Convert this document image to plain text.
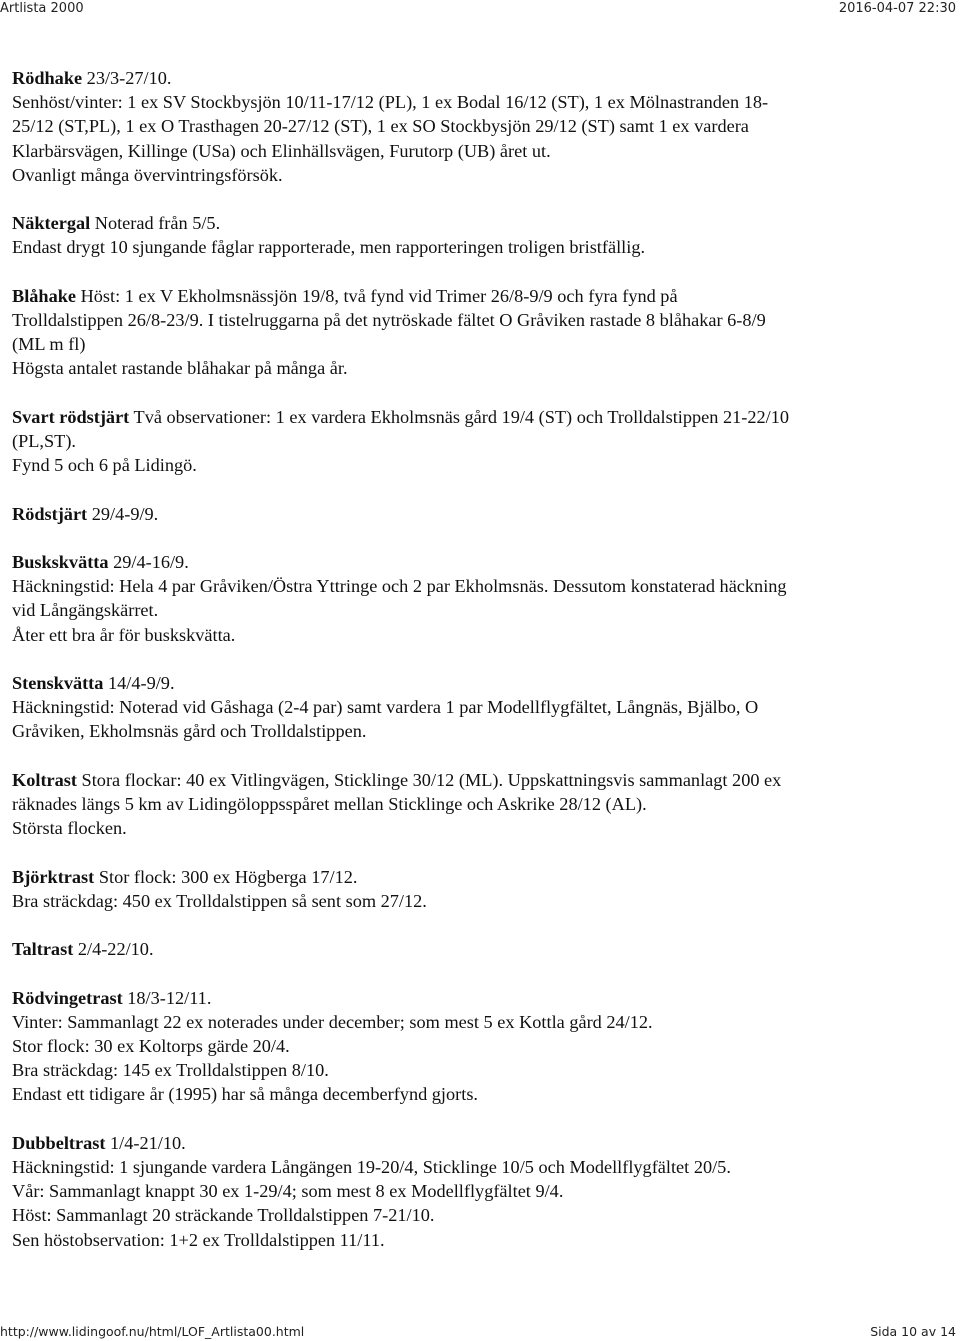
Artlista 2000	2016-04-07 22:30
Rödhake 23/3-27/10.
Senhöst/vinter: 1 ex SV Stockbysjön 10/11-17/12 (PL), 1 ex Bodal 16/12 (ST), 1 ex Mölnastranden 18-
25/12 (ST,PL), 1 ex O Trasthagen 20-27/12 (ST), 1 ex SO Stockbysjön 29/12 (ST) samt 1 ex vardera
Klarbärsvägen, Killinge (USa) och Elinhällsvägen, Furutorp (UB) året ut.
Ovanligt många övervintringsförsök.
Näktergal Noterad från 5/5.
Endast drygt 10 sjungande fåglar rapporterade, men rapporteringen troligen bristfällig.
Blåhake Höst: 1 ex V Ekholmsnässjön 19/8, två fynd vid Trimer 26/8-9/9 och fyra fynd på
Trolldalstippen 26/8-23/9. I tistelruggarna på det nytröskade fältet O Gråviken rastade 8 blåhakar 6-8/9
(ML m fl)
Högsta antalet rastande blåhakar på många år.
Svart rödstjärt Två observationer: 1 ex vardera Ekholmsnäs gård 19/4 (ST) och Trolldalstippen 21-22/10
(PL,ST).
Fynd 5 och 6 på Lidingö.
Rödstjärt 29/4-9/9.
Buskskvätta 29/4-16/9.
Häckningstid: Hela 4 par Gråviken/Östra Yttringe och 2 par Ekholmsnäs. Dessutom konstaterad häckning
vid Långängskärret.
Åter ett bra år för buskskvätta.
Stenskvätta 14/4-9/9.
Häckningstid: Noterad vid Gåshaga (2-4 par) samt vardera 1 par Modellflygfältet, Långnäs, Bjälbo, O
Gråviken, Ekholmsnäs gård och Trolldalstippen.
Koltrast Stora flockar: 40 ex Vitlingvägen, Sticklinge 30/12 (ML). Uppskattningsvis sammanlagt 200 ex
räknades längs 5 km av Lidingöloppsspåret mellan Sticklinge och Askrike 28/12 (AL).
Största flocken.
Björktrast Stor flock: 300 ex Högberga 17/12.
Bra sträckdag: 450 ex Trolldalstippen så sent som 27/12.
Taltrast 2/4-22/10.
Rödvingetrast 18/3-12/11.
Vinter: Sammanlagt 22 ex noterades under december; som mest 5 ex Kottla gård 24/12.
Stor flock: 30 ex Koltorps gärde 20/4.
Bra sträckdag: 145 ex Trolldalstippen 8/10.
Endast ett tidigare år (1995) har så många decemberfynd gjorts.
Dubbeltrast 1/4-21/10.
Häckningstid: 1 sjungande vardera Långängen 19-20/4, Sticklinge 10/5 och Modellflygfältet 20/5.
Vår: Sammanlagt knappt 30 ex 1-29/4; som mest 8 ex Modellflygfältet 9/4.
Höst: Sammanlagt 20 sträckande Trolldalstippen 7-21/10.
Sen höstobservation: 1+2 ex Trolldalstippen 11/11.
http://www.lidingoof.nu/html/LOF_Artlista00.html	Sida 10 av 14
